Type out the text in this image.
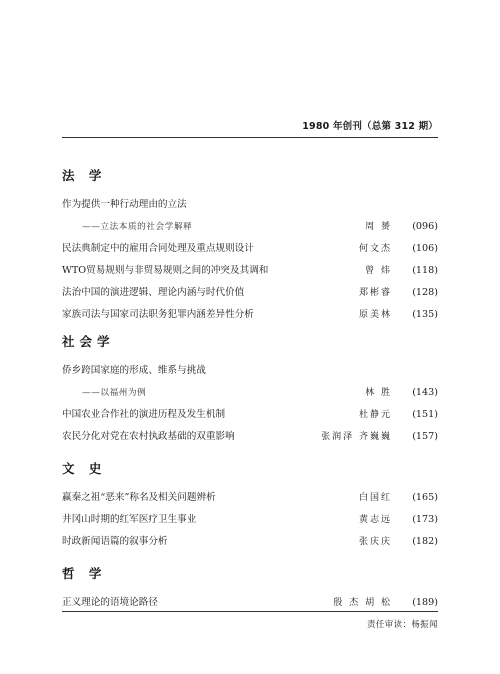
1980 年创刊（总第 312 期）
法 学
作为提供一种行动理由的立法
——立法本质的社会学解释	周 赟 (096)
民法典制定中的雇用合同处理及重点规则设计	何文杰 (106)
WTO贸易规则与非贸易规则之间的冲突及其调和	曾 炜 (118)
法治中国的演进逻辑、理论内涵与时代价值	郑彬睿 (128)
家族司法与国家司法职务犯罪内涵差异性分析	原美林 (135)
社会学
侨乡跨国家庭的形成、维系与挑战
——以福州为例	林 胜 (143)
中国农业合作社的演进历程及发生机制	杜静元 (151)
农民分化对党在农村执政基础的双重影响	张润泽 齐巍巍 (157)
文 史
赢秦之祖“恶来”称名及相关问题辨析	白国红 (165)
井冈山时期的红军医疗卫生事业	黄志远 (173)
时政新闻语篇的叙事分析	张庆庆 (182)
哲 学
正义理论的语境论路径	殷 杰 胡 松 (189)
责任审读：杨振闻
